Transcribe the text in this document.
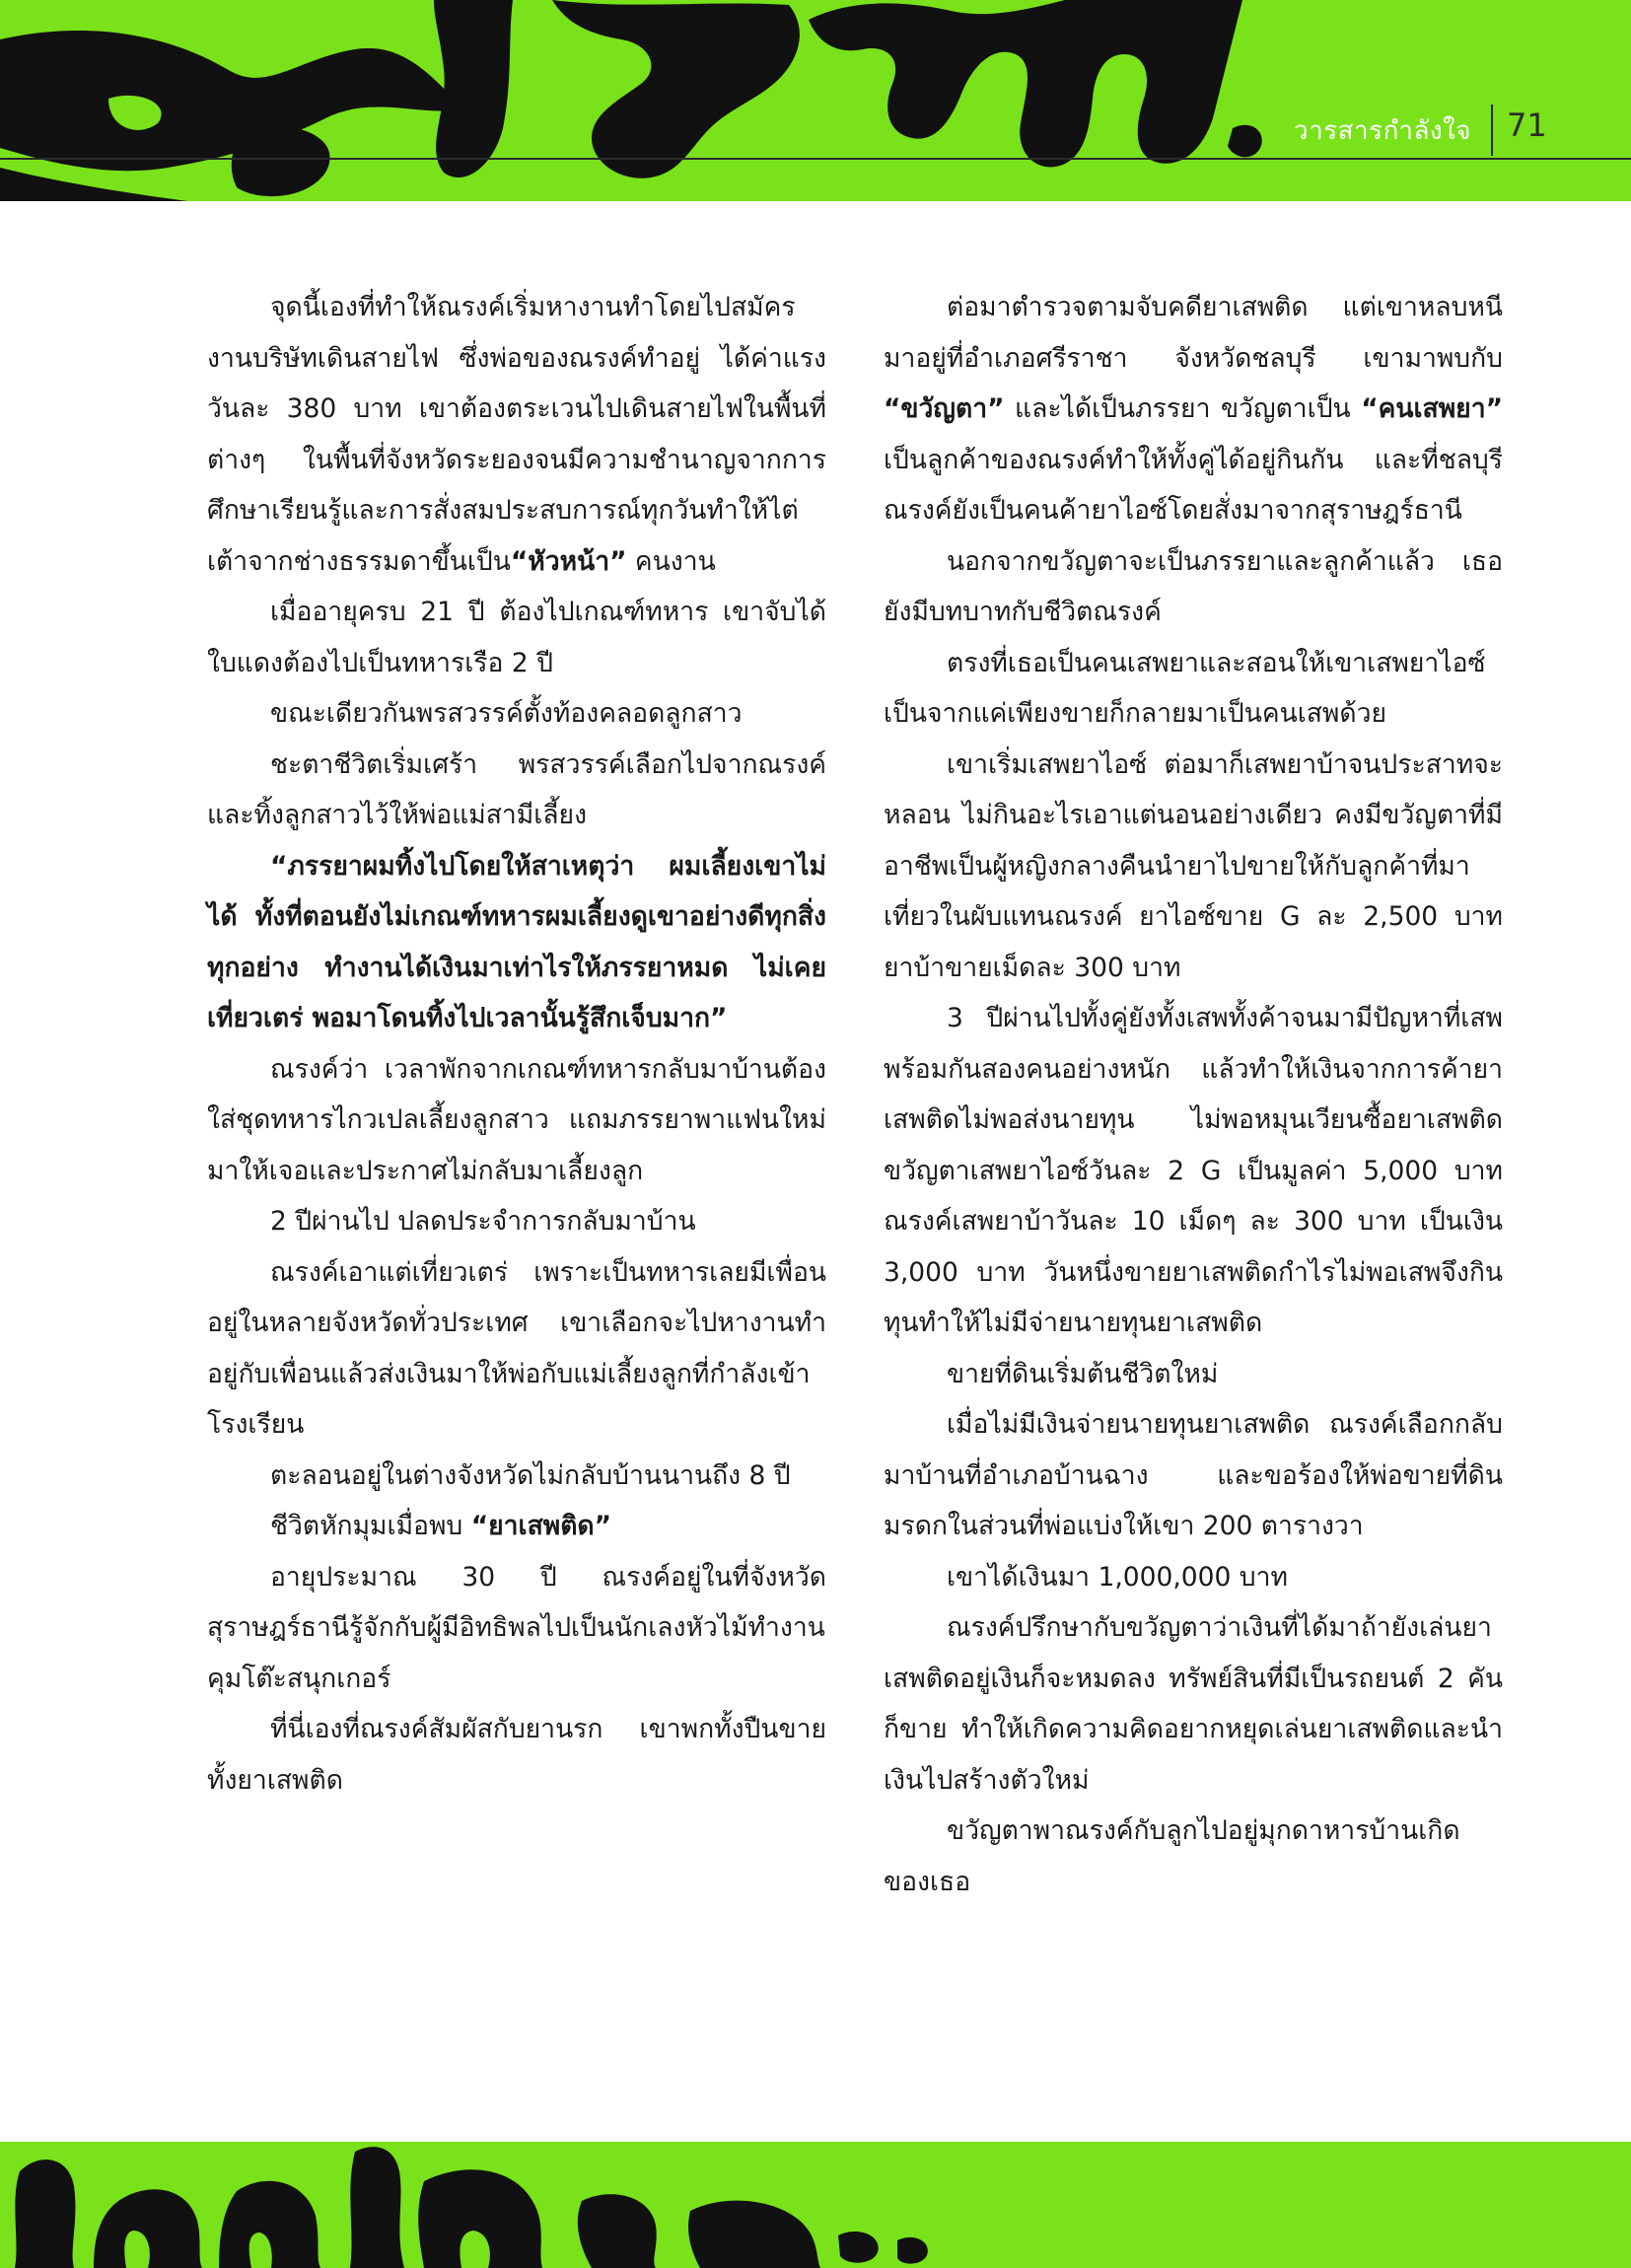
วารสารกำลังใจ 71

จุดนี้เองที่ทำให้ณรงค์เริ่มหางานทำโดยไปสมัครงานบริษัทเดินสายไฟ ซึ่งพ่อของณรงค์ทำอยู่ ได้ค่าแรงวันละ 380 บาท เขาต้องตระเวนไปเดินสายไฟในพื้นที่ต่างๆ ในพื้นที่จังหวัดระยองจนมีความชำนาญจากการศึกษาเรียนรู้และการสั่งสมประสบการณ์ทุกวันทำให้ไต่เต้าจากช่างธรรมดาขึ้นเป็น“หัวหน้า” คนงาน

เมื่ออายุครบ 21 ปี ต้องไปเกณฑ์ทหาร เขาจับได้ใบแดงต้องไปเป็นทหารเรือ 2 ปี

ขณะเดียวกันพรสวรรค์ตั้งท้องคลอดลูกสาว

ชะตาชีวิตเริ่มเศร้า พรสวรรค์เลือกไปจากณรงค์และทิ้งลูกสาวไว้ให้พ่อแม่สามีเลี้ยง

“ภรรยาผมทิ้งไปโดยให้สาเหตุว่า ผมเลี้ยงเขาไม่ได้ ทั้งที่ตอนยังไม่เกณฑ์ทหารผมเลี้ยงดูเขาอย่างดีทุกสิ่งทุกอย่าง ทำงานได้เงินมาเท่าไรให้ภรรยาหมด ไม่เคยเที่ยวเตร่ พอมาโดนทิ้งไปเวลานั้นรู้สึกเจ็บมาก”

ณรงค์ว่า เวลาพักจากเกณฑ์ทหารกลับมาบ้านต้องใส่ชุดทหารไกวเปลเลี้ยงลูกสาว แถมภรรยาพาแฟนใหม่มาให้เจอและประกาศไม่กลับมาเลี้ยงลูก

2 ปีผ่านไป ปลดประจำการกลับมาบ้าน

ณรงค์เอาแต่เที่ยวเตร่ เพราะเป็นทหารเลยมีเพื่อนอยู่ในหลายจังหวัดทั่วประเทศ เขาเลือกจะไปหางานทำอยู่กับเพื่อนแล้วส่งเงินมาให้พ่อกับแม่เลี้ยงลูกที่กำลังเข้าโรงเรียน

ตะลอนอยู่ในต่างจังหวัดไม่กลับบ้านนานถึง 8 ปี

ชีวิตหักมุมเมื่อพบ “ยาเสพติด”

อายุประมาณ 30 ปี ณรงค์อยู่ในที่จังหวัดสุราษฎร์ธานีรู้จักกับผู้มีอิทธิพลไปเป็นนักเลงหัวไม้ทำงานคุมโต๊ะสนุกเกอร์

ที่นี่เองที่ณรงค์สัมผัสกับยานรก เขาพกทั้งปืนขายทั้งยาเสพติด

ต่อมาตำรวจตามจับคดียาเสพติด แต่เขาหลบหนีมาอยู่ที่อำเภอศรีราชา จังหวัดชลบุรี เขามาพบกับ “ขวัญตา” และได้เป็นภรรยา ขวัญตาเป็น “คนเสพยา” เป็นลูกค้าของณรงค์ทำให้ทั้งคู่ได้อยู่กินกัน และที่ชลบุรีณรงค์ยังเป็นคนค้ายาไอซ์โดยสั่งมาจากสุราษฎร์ธานี

นอกจากขวัญตาจะเป็นภรรยาและลูกค้าแล้ว เธอยังมีบทบาทกับชีวิตณรงค์

ตรงที่เธอเป็นคนเสพยาและสอนให้เขาเสพยาไอซ์ เป็นจากแค่เพียงขายก็กลายมาเป็นคนเสพด้วย

เขาเริ่มเสพยาไอซ์ ต่อมาก็เสพยาบ้าจนประสาทจะหลอน ไม่กินอะไรเอาแต่นอนอย่างเดียว คงมีขวัญตาที่มีอาชีพเป็นผู้หญิงกลางคืนนำยาไปขายให้กับลูกค้าที่มาเที่ยวในผับแทนณรงค์ ยาไอซ์ขาย G ละ 2,500 บาท ยาบ้าขายเม็ดละ 300 บาท

3 ปีผ่านไปทั้งคู่ยังทั้งเสพทั้งค้าจนมามีปัญหาที่เสพพร้อมกันสองคนอย่างหนัก แล้วทำให้เงินจากการค้ายาเสพติดไม่พอส่งนายทุน ไม่พอหมุนเวียนซื้อยาเสพติด ขวัญตาเสพยาไอซ์วันละ 2 G เป็นมูลค่า 5,000 บาท ณรงค์เสพยาบ้าวันละ 10 เม็ดๆ ละ 300 บาท เป็นเงิน 3,000 บาท วันหนึ่งขายยาเสพติดกำไรไม่พอเสพจึงกินทุนทำให้ไม่มีจ่ายนายทุนยาเสพติด

ขายที่ดินเริ่มต้นชีวิตใหม่

เมื่อไม่มีเงินจ่ายนายทุนยาเสพติด ณรงค์เลือกกลับมาบ้านที่อำเภอบ้านฉาง และขอร้องให้พ่อขายที่ดินมรดกในส่วนที่พ่อแบ่งให้เขา 200 ตารางวา

เขาได้เงินมา 1,000,000 บาท

ณรงค์ปรึกษากับขวัญตาว่าเงินที่ได้มาถ้ายังเล่นยาเสพติดอยู่เงินก็จะหมดลง ทรัพย์สินที่มีเป็นรถยนต์ 2 คันก็ขาย ทำให้เกิดความคิดอยากหยุดเล่นยาเสพติดและนำเงินไปสร้างตัวใหม่

ขวัญตาพาณรงค์กับลูกไปอยู่มุกดาหารบ้านเกิดของเธอ
